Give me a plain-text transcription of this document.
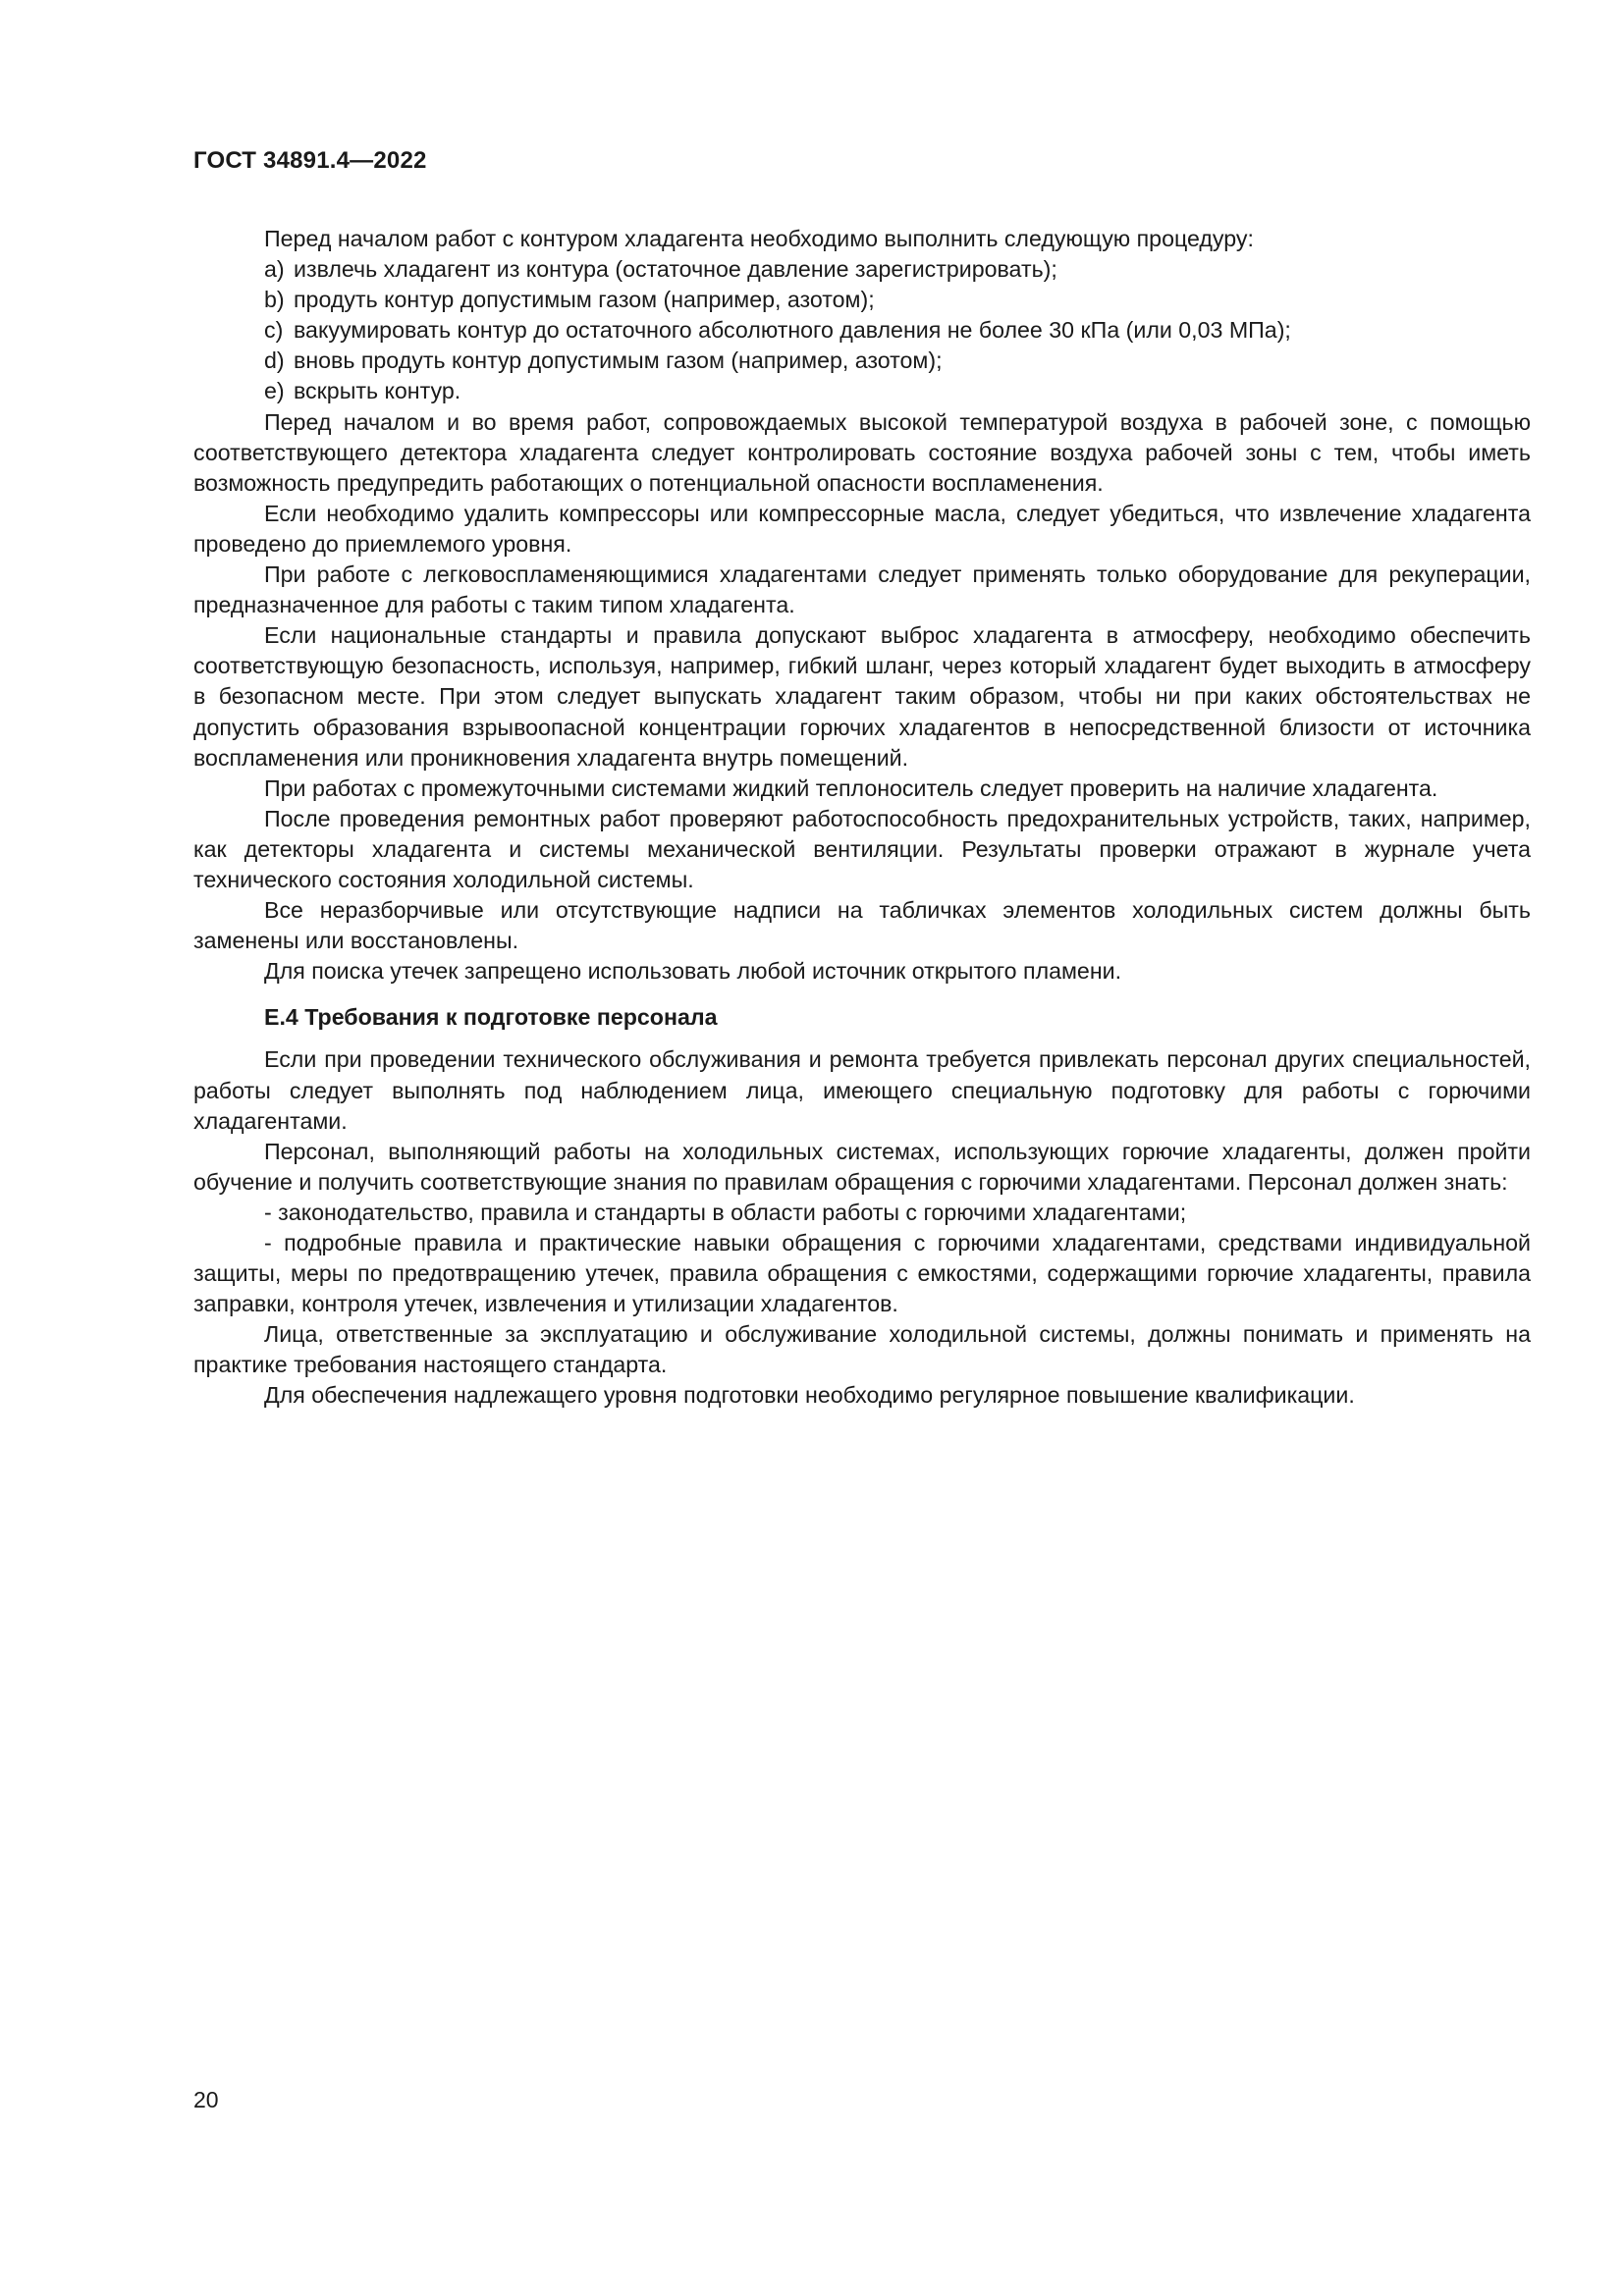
ГОСТ 34891.4—2022

Перед началом работ с контуром хладагента необходимо выполнить следующую процедуру:

a) извлечь хладагент из контура (остаточное давление зарегистрировать);

b) продуть контур допустимым газом (например, азотом);

c) вакуумировать контур до остаточного абсолютного давления не более 30 кПа (или 0,03 МПа);

d) вновь продуть контур допустимым газом (например, азотом);

e) вскрыть контур.

Перед началом и во время работ, сопровождаемых высокой температурой воздуха в рабочей зоне, с помощью соответствующего детектора хладагента следует контролировать состояние воздуха рабочей зоны с тем, чтобы иметь возможность предупредить работающих о потенциальной опасности воспламенения.

Если необходимо удалить компрессоры или компрессорные масла, следует убедиться, что извлечение хладагента проведено до приемлемого уровня.

При работе с легковоспламеняющимися хладагентами следует применять только оборудование для рекуперации, предназначенное для работы с таким типом хладагента.

Если национальные стандарты и правила допускают выброс хладагента в атмосферу, необходимо обеспечить соответствующую безопасность, используя, например, гибкий шланг, через который хладагент будет выходить в атмосферу в безопасном месте. При этом следует выпускать хладагент таким образом, чтобы ни при каких обстоятельствах не допустить образования взрывоопасной концентрации горючих хладагентов в непосредственной близости от источника воспламенения или проникновения хладагента внутрь помещений.

При работах с промежуточными системами жидкий теплоноситель следует проверить на наличие хладагента.

После проведения ремонтных работ проверяют работоспособность предохранительных устройств, таких, например, как детекторы хладагента и системы механической вентиляции. Результаты проверки отражают в журнале учета технического состояния холодильной системы.

Все неразборчивые или отсутствующие надписи на табличках элементов холодильных систем должны быть заменены или восстановлены.

Для поиска утечек запрещено использовать любой источник открытого пламени.

Е.4 Требования к подготовке персонала

Если при проведении технического обслуживания и ремонта требуется привлекать персонал других специальностей, работы следует выполнять под наблюдением лица, имеющего специальную подготовку для работы с горючими хладагентами.

Персонал, выполняющий работы на холодильных системах, использующих горючие хладагенты, должен пройти обучение и получить соответствующие знания по правилам обращения с горючими хладагентами. Персонал должен знать:

- законодательство, правила и стандарты в области работы с горючими хладагентами;

- подробные правила и практические навыки обращения с горючими хладагентами, средствами индивидуальной защиты, меры по предотвращению утечек, правила обращения с емкостями, содержащими горючие хладагенты, правила заправки, контроля утечек, извлечения и утилизации хладагентов.

Лица, ответственные за эксплуатацию и обслуживание холодильной системы, должны понимать и применять на практике требования настоящего стандарта.

Для обеспечения надлежащего уровня подготовки необходимо регулярное повышение квалификации.

20
